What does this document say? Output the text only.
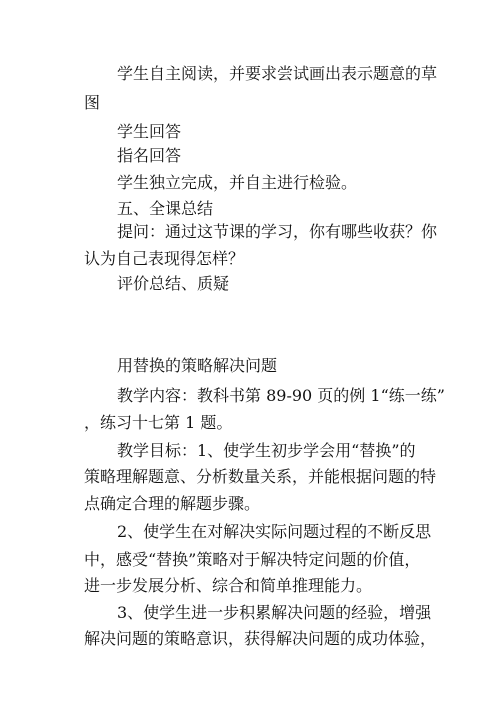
学生自主阅读，并要求尝试画出表示题意的草
图
学生回答
指名回答
学生独立完成，并自主进行检验。
五、全课总结
提问：通过这节课的学习，你有哪些收获？你
认为自己表现得怎样？
评价总结、质疑
用替换的策略解决问题
教学内容：教科书第 89-90 页的例 1“练一练”
，练习十七第 1 题。
教学目标：1、使学生初步学会用“替换”的
策略理解题意、分析数量关系，并能根据问题的特
点确定合理的解题步骤。
2、使学生在对解决实际问题过程的不断反思
中，感受“替换”策略对于解决特定问题的价值，
进一步发展分析、综合和简单推理能力。
3、使学生进一步积累解决问题的经验，增强
解决问题的策略意识，获得解决问题的成功体验，
